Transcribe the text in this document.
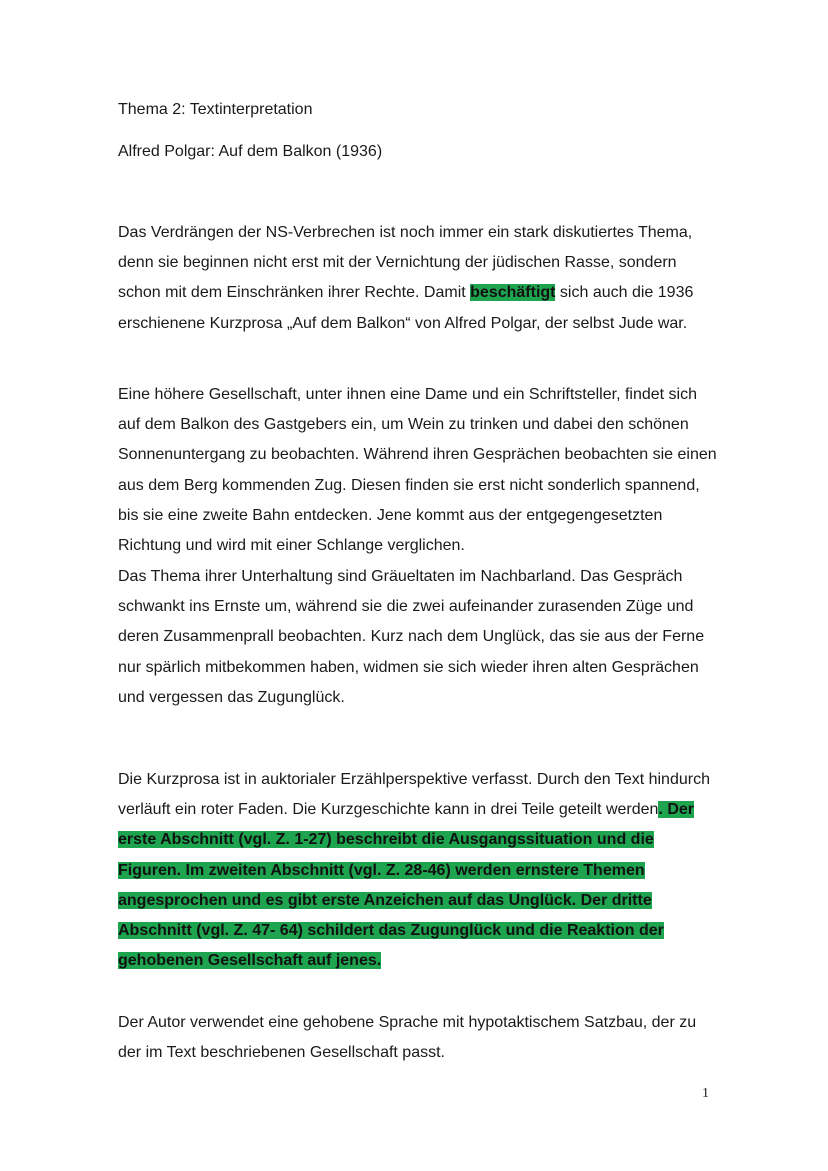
Thema 2: Textinterpretation
Alfred Polgar: Auf dem Balkon (1936)
Das Verdrängen der NS-Verbrechen ist noch immer ein stark diskutiertes Thema, denn sie beginnen nicht erst mit der Vernichtung der jüdischen Rasse, sondern schon mit dem Einschränken ihrer Rechte. Damit beschäftigt sich auch die 1936 erschienene Kurzprosa „Auf dem Balkon“ von Alfred Polgar, der selbst Jude war.
Eine höhere Gesellschaft, unter ihnen eine Dame und ein Schriftsteller, findet sich auf dem Balkon des Gastgebers ein, um Wein zu trinken und dabei den schönen Sonnenuntergang zu beobachten. Während ihren Gesprächen beobachten sie einen aus dem Berg kommenden Zug. Diesen finden sie erst nicht sonderlich spannend, bis sie eine zweite Bahn entdecken. Jene kommt aus der entgegengesetzten Richtung und wird mit einer Schlange verglichen.
Das Thema ihrer Unterhaltung sind Gräueltaten im Nachbarland. Das Gespräch schwankt ins Ernste um, während sie die zwei aufeinander zurasenden Züge und deren Zusammenprall beobachten. Kurz nach dem Unglück, das sie aus der Ferne nur spärlich mitbekommen haben, widmen sie sich wieder ihren alten Gesprächen und vergessen das Zugunglück.
Die Kurzprosa ist in auktorialer Erzählperspektive verfasst. Durch den Text hindurch verläuft ein roter Faden. Die Kurzgeschichte kann in drei Teile geteilt werden. Der erste Abschnitt (vgl. Z. 1-27) beschreibt die Ausgangssituation und die Figuren. Im zweiten Abschnitt (vgl. Z. 28-46) werden ernstere Themen angesprochen und es gibt erste Anzeichen auf das Unglück. Der dritte Abschnitt (vgl. Z. 47- 64) schildert das Zugunglück und die Reaktion der gehobenen Gesellschaft auf jenes.
Der Autor verwendet eine gehobene Sprache mit hypotaktischem Satzbau, der zu der im Text beschriebenen Gesellschaft passt.
1
